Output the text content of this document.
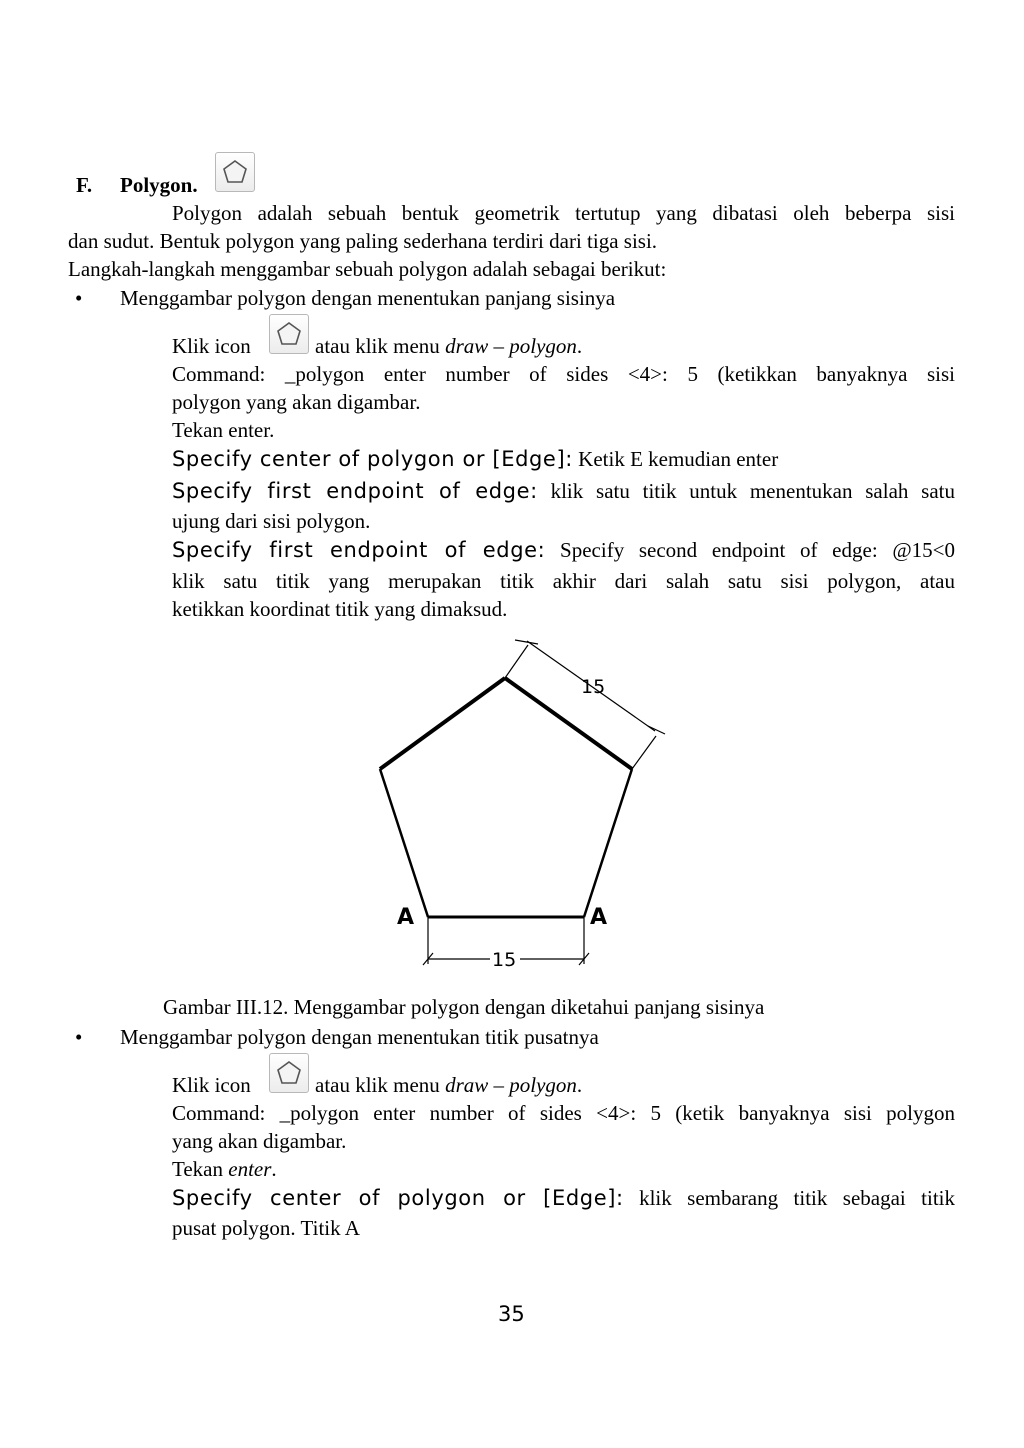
F. Polygon.
Polygon adalah sebuah bentuk geometrik tertutup yang dibatasi oleh beberpa sisi
dan sudut. Bentuk polygon yang paling sederhana terdiri dari tiga sisi.
Langkah-langkah menggambar sebuah polygon adalah sebagai berikut:
• Menggambar polygon dengan menentukan panjang sisinya
Klik icon	atau klik menu draw – polygon.
Command: _polygon enter number of sides <4>: 5 (ketikkan banyaknya sisi
polygon yang akan digambar.
Tekan enter.
Specify center of polygon or [Edge]: Ketik E kemudian enter
Specify first endpoint of edge: klik satu titik untuk menentukan salah satu
ujung dari sisi polygon.
Specify first endpoint of edge: Specify second endpoint of edge: @15<0
klik satu titik yang merupakan titik akhir dari salah satu sisi polygon, atau
ketikkan koordinat titik yang dimaksud.
15
15
A	A
Gambar III.12. Menggambar polygon dengan diketahui panjang sisinya
• Menggambar polygon dengan menentukan titik pusatnya
Klik icon	atau klik menu draw – polygon.
Command: _polygon enter number of sides <4>: 5 (ketik banyaknya sisi polygon
yang akan digambar.
Tekan enter.
Specify center of polygon or [Edge]: klik sembarang titik sebagai titik
pusat polygon. Titik A
35
